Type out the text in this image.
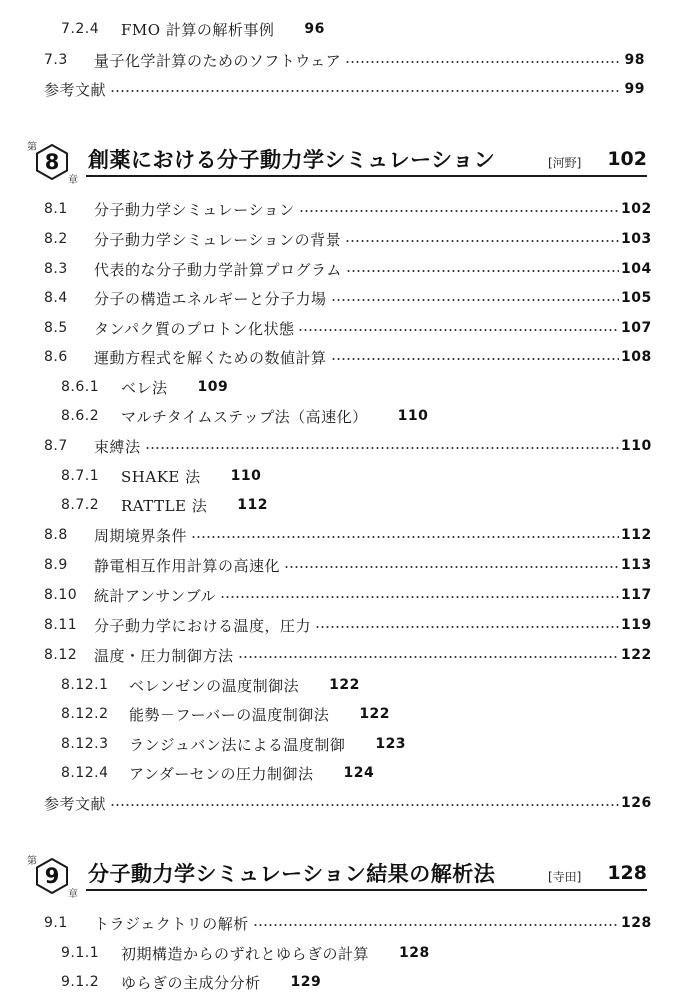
7.2.4	FMO 計算の解析事例 96
7.3	量子化学計算のためのソフトウェア	98
参考文献	99
第
8
章
創薬における分子動力学シミュレーション	[河野] 102
8.1	分子動力学シミュレーション	102
8.2	分子動力学シミュレーションの背景	103
8.3	代表的な分子動力学計算プログラム	104
8.4	分子の構造エネルギーと分子力場	105
8.5	タンパク質のプロトン化状態	107
8.6	運動方程式を解くための数値計算	108
8.6.1	ベレ法 109
8.6.2	マルチタイムステップ法（高速化） 110
8.7	束縛法	110
8.7.1	SHAKE 法 110
8.7.2	RATTLE 法 112
8.8	周期境界条件	112
8.9	静電相互作用計算の高速化	113
8.10	統計アンサンブル	117
8.11	分子動力学における温度，圧力	119
8.12	温度・圧力制御方法	122
8.12.1	ベレンゼンの温度制御法 122
8.12.2	能勢－フーバーの温度制御法 122
8.12.3	ランジュバン法による温度制御 123
8.12.4	アンダーセンの圧力制御法 124
参考文献	126
第
9
章
分子動力学シミュレーション結果の解析法	[寺田] 128
9.1	トラジェクトリの解析	128
9.1.1	初期構造からのずれとゆらぎの計算 128
9.1.2	ゆらぎの主成分分析 129
